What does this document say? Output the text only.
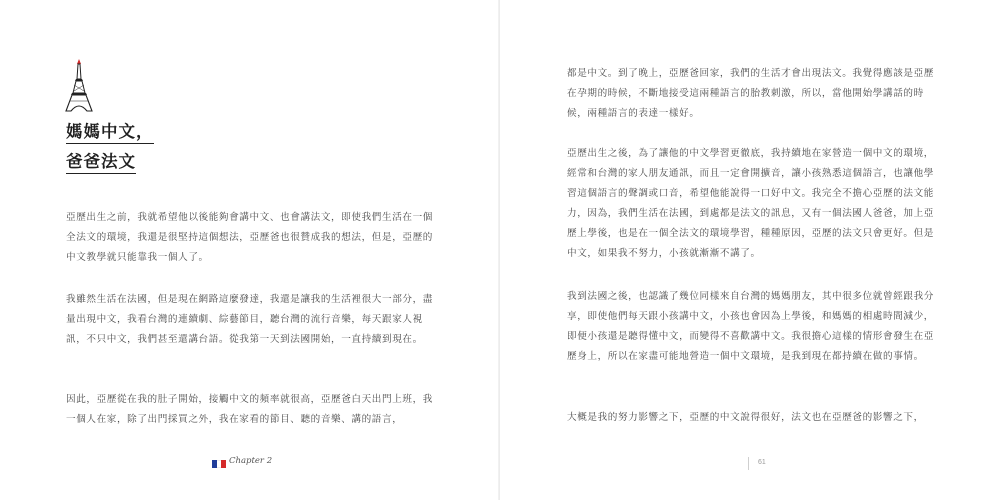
媽媽中文，
爸爸法文
亞歷出生之前，我就希望他以後能夠會講中文、也會講法文，即使我們生活在一個全法文的環境，我還是很堅持這個想法，亞歷爸也很贊成我的想法，但是，亞歷的中文教學就只能靠我一個人了。
我雖然生活在法國，但是現在網路這麼發達，我還是讓我的生活裡很大一部分，盡量出現中文，我看台灣的連續劇、綜藝節目，聽台灣的流行音樂，每天跟家人視訊，不只中文，我們甚至還講台語。從我第一天到法國開始，一直持續到現在。
因此，亞歷從在我的肚子開始，接觸中文的頻率就很高，亞歷爸白天出門上班，我一個人在家，除了出門採買之外，我在家看的節目、聽的音樂、講的語言，
Chapter 2
都是中文。到了晚上，亞歷爸回家，我們的生活才會出現法文。我覺得應該是亞歷在孕期的時候，不斷地接受這兩種語言的胎教刺激，所以，當他開始學講話的時候，兩種語言的表達一樣好。
亞歷出生之後，為了讓他的中文學習更徹底，我持續地在家營造一個中文的環境，經常和台灣的家人朋友通訊，而且一定會開擴音，讓小孩熟悉這個語言，也讓他學習這個語言的聲調或口音，希望他能說得一口好中文。我完全不擔心亞歷的法文能力，因為，我們生活在法國，到處都是法文的訊息，又有一個法國人爸爸，加上亞歷上學後，也是在一個全法文的環境學習，種種原因，亞歷的法文只會更好。但是中文，如果我不努力，小孩就漸漸不講了。
我到法國之後，也認識了幾位同樣來自台灣的媽媽朋友，其中很多位就曾經跟我分享，即使他們每天跟小孩講中文，小孩也會因為上學後，和媽媽的相處時間減少，即便小孩還是聽得懂中文，而變得不喜歡講中文。我很擔心這樣的情形會發生在亞歷身上，所以在家盡可能地營造一個中文環境，是我到現在都持續在做的事情。
大概是我的努力影響之下，亞歷的中文說得很好，法文也在亞歷爸的影響之下，
61
